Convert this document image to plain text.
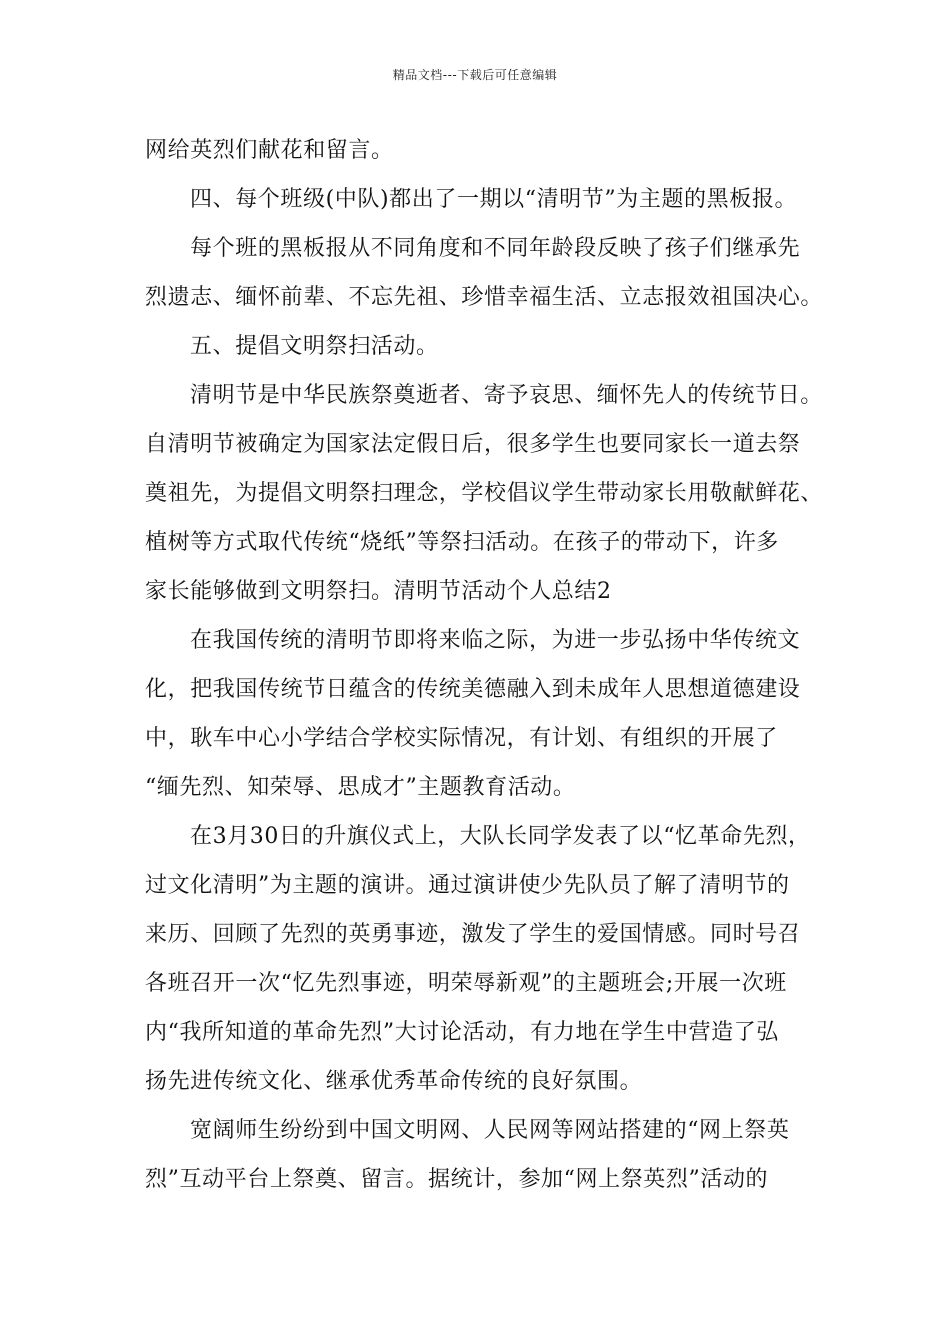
精品文档---下载后可任意编辑
网给英烈们献花和留言。
四、每个班级(中队)都出了一期以“清明节”为主题的黑板报。
每个班的黑板报从不同角度和不同年龄段反映了孩子们继承先
烈遗志、缅怀前辈、不忘先祖、珍惜幸福生活、立志报效祖国决心。
五、提倡文明祭扫活动。
清明节是中华民族祭奠逝者、寄予哀思、缅怀先人的传统节日。
自清明节被确定为国家法定假日后，很多学生也要同家长一道去祭
奠祖先，为提倡文明祭扫理念，学校倡议学生带动家长用敬献鲜花、
植树等方式取代传统“烧纸”等祭扫活动。在孩子的带动下，许多
家长能够做到文明祭扫。清明节活动个人总结2
在我国传统的清明节即将来临之际，为进一步弘扬中华传统文
化，把我国传统节日蕴含的传统美德融入到未成年人思想道德建设
中，耿车中心小学结合学校实际情况，有计划、有组织的开展了
“缅先烈、知荣辱、思成才”主题教育活动。
在3月30日的升旗仪式上，大队长同学发表了以“忆革命先烈，
过文化清明”为主题的演讲。通过演讲使少先队员了解了清明节的
来历、回顾了先烈的英勇事迹，激发了学生的爱国情感。同时号召
各班召开一次“忆先烈事迹，明荣辱新观”的主题班会;开展一次班
内“我所知道的革命先烈”大讨论活动，有力地在学生中营造了弘
扬先进传统文化、继承优秀革命传统的良好氛围。
宽阔师生纷纷到中国文明网、人民网等网站搭建的“网上祭英
烈”互动平台上祭奠、留言。据统计，参加“网上祭英烈”活动的
